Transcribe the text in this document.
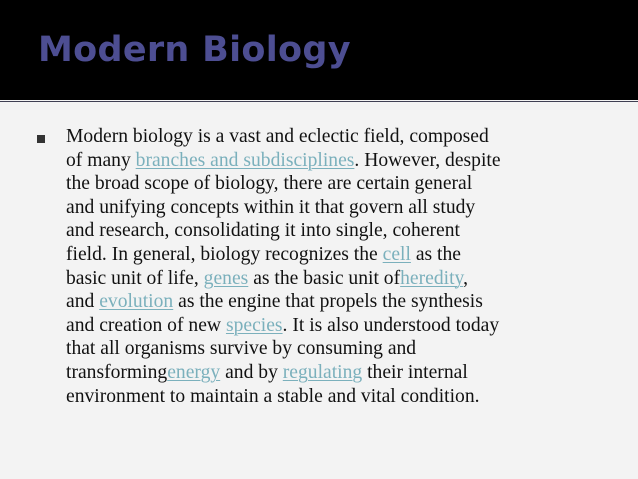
Modern Biology
Modern biology is a vast and eclectic field, composed
of many branches and subdisciplines. However, despite
the broad scope of biology, there are certain general
and unifying concepts within it that govern all study
and research, consolidating it into single, coherent
field. In general, biology recognizes the cell as the
basic unit of life, genes as the basic unit ofheredity,
and evolution as the engine that propels the synthesis
and creation of new species. It is also understood today
that all organisms survive by consuming and
transformingenergy and by regulating their internal
environment to maintain a stable and vital condition.
